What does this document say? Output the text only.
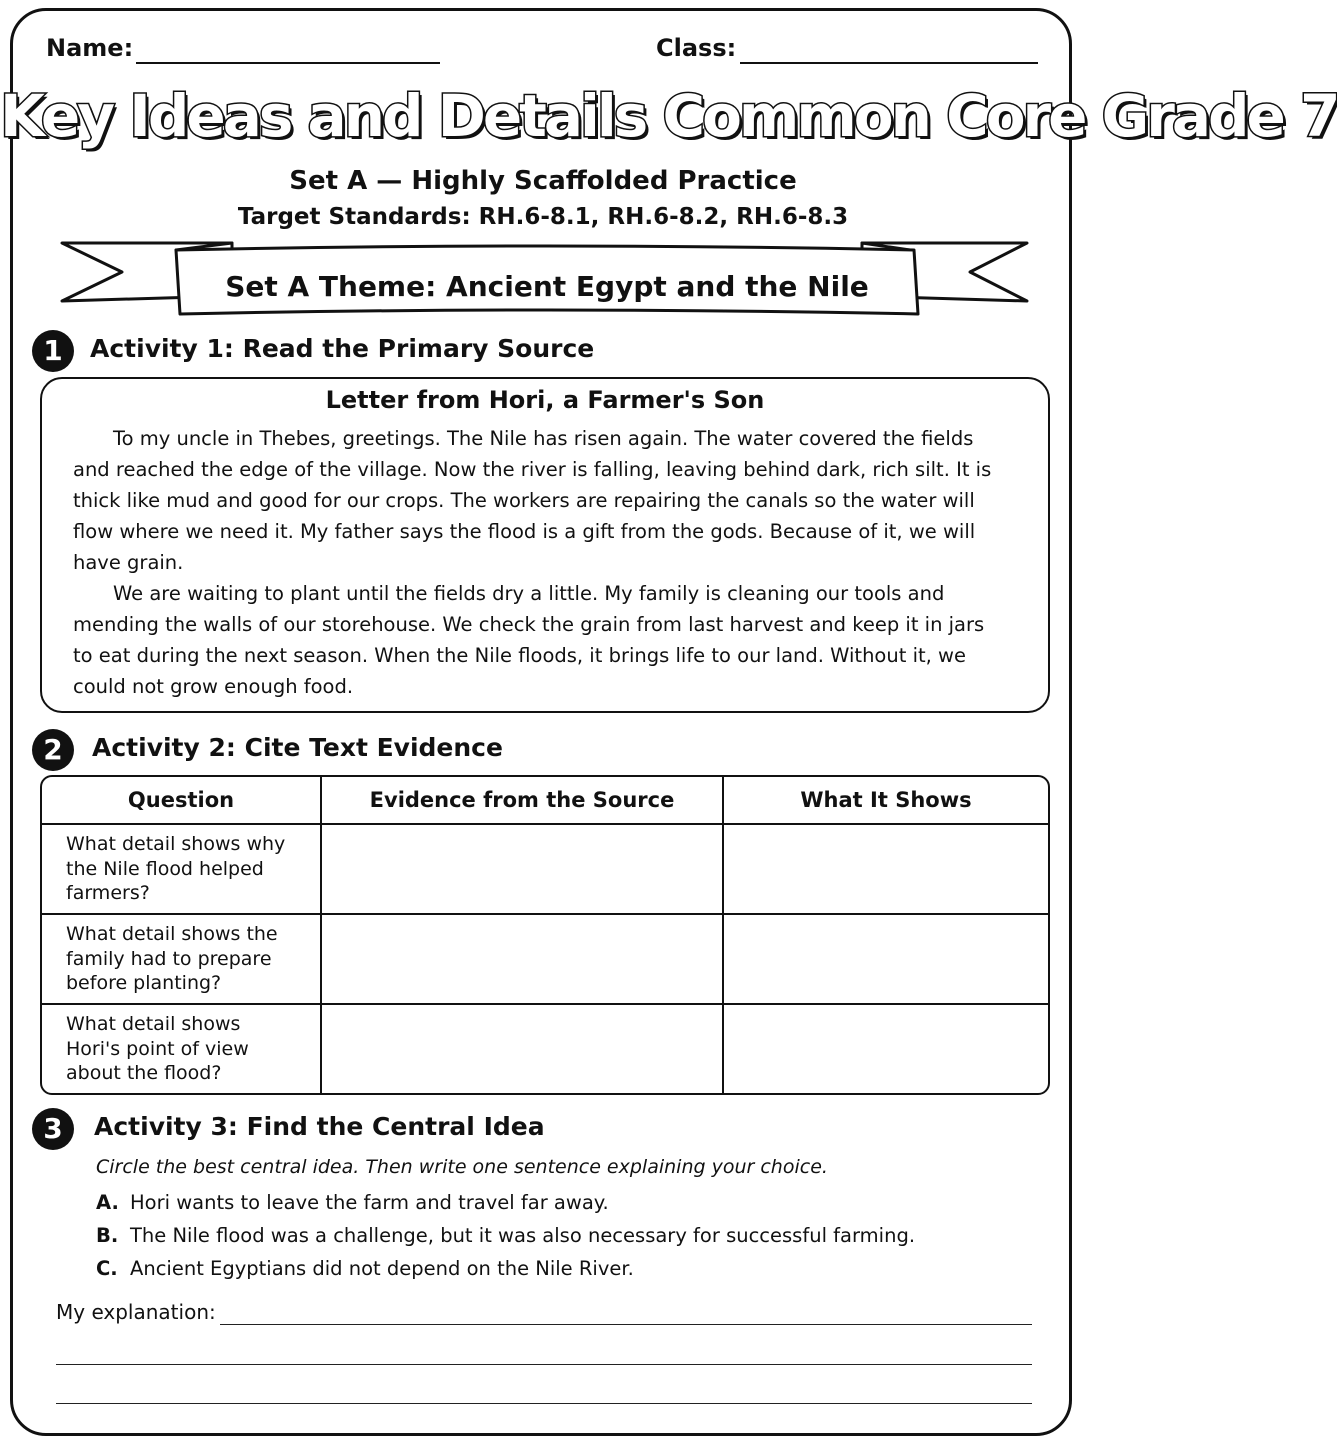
Name:	Class:
Key Ideas and Details Common Core Grade 7
Set A — Highly Scaffolded Practice
Target Standards: RH.6-8.1, RH.6-8.2, RH.6-8.3
Set A Theme: Ancient Egypt and the Nile
1	Activity 1: Read the Primary Source
Letter from Hori, a Farmer's Son

To my uncle in Thebes, greetings. The Nile has risen again. The water covered the fields and reached the edge of the village. Now the river is falling, leaving behind dark, rich silt. It is thick like mud and good for our crops. The workers are repairing the canals so the water will flow where we need it. My father says the flood is a gift from the gods. Because of it, we will have grain.

We are waiting to plant until the fields dry a little. My family is cleaning our tools and mending the walls of our storehouse. We check the grain from last harvest and keep it in jars to eat during the next season. When the Nile floods, it brings life to our land. Without it, we could not grow enough food.

2	Activity 2: Cite Text Evidence
Question	Evidence from the Source	What It Shows
What detail shows why the Nile flood helped farmers?		
What detail shows the family had to prepare before planting?		
What detail shows Hori's point of view about the flood?		
3	Activity 3: Find the Central Idea
Circle the best central idea. Then write one sentence explaining your choice.
A. Hori wants to leave the farm and travel far away.
B. The Nile flood was a challenge, but it was also necessary for successful farming.
C. Ancient Egyptians did not depend on the Nile River.
My explanation:
